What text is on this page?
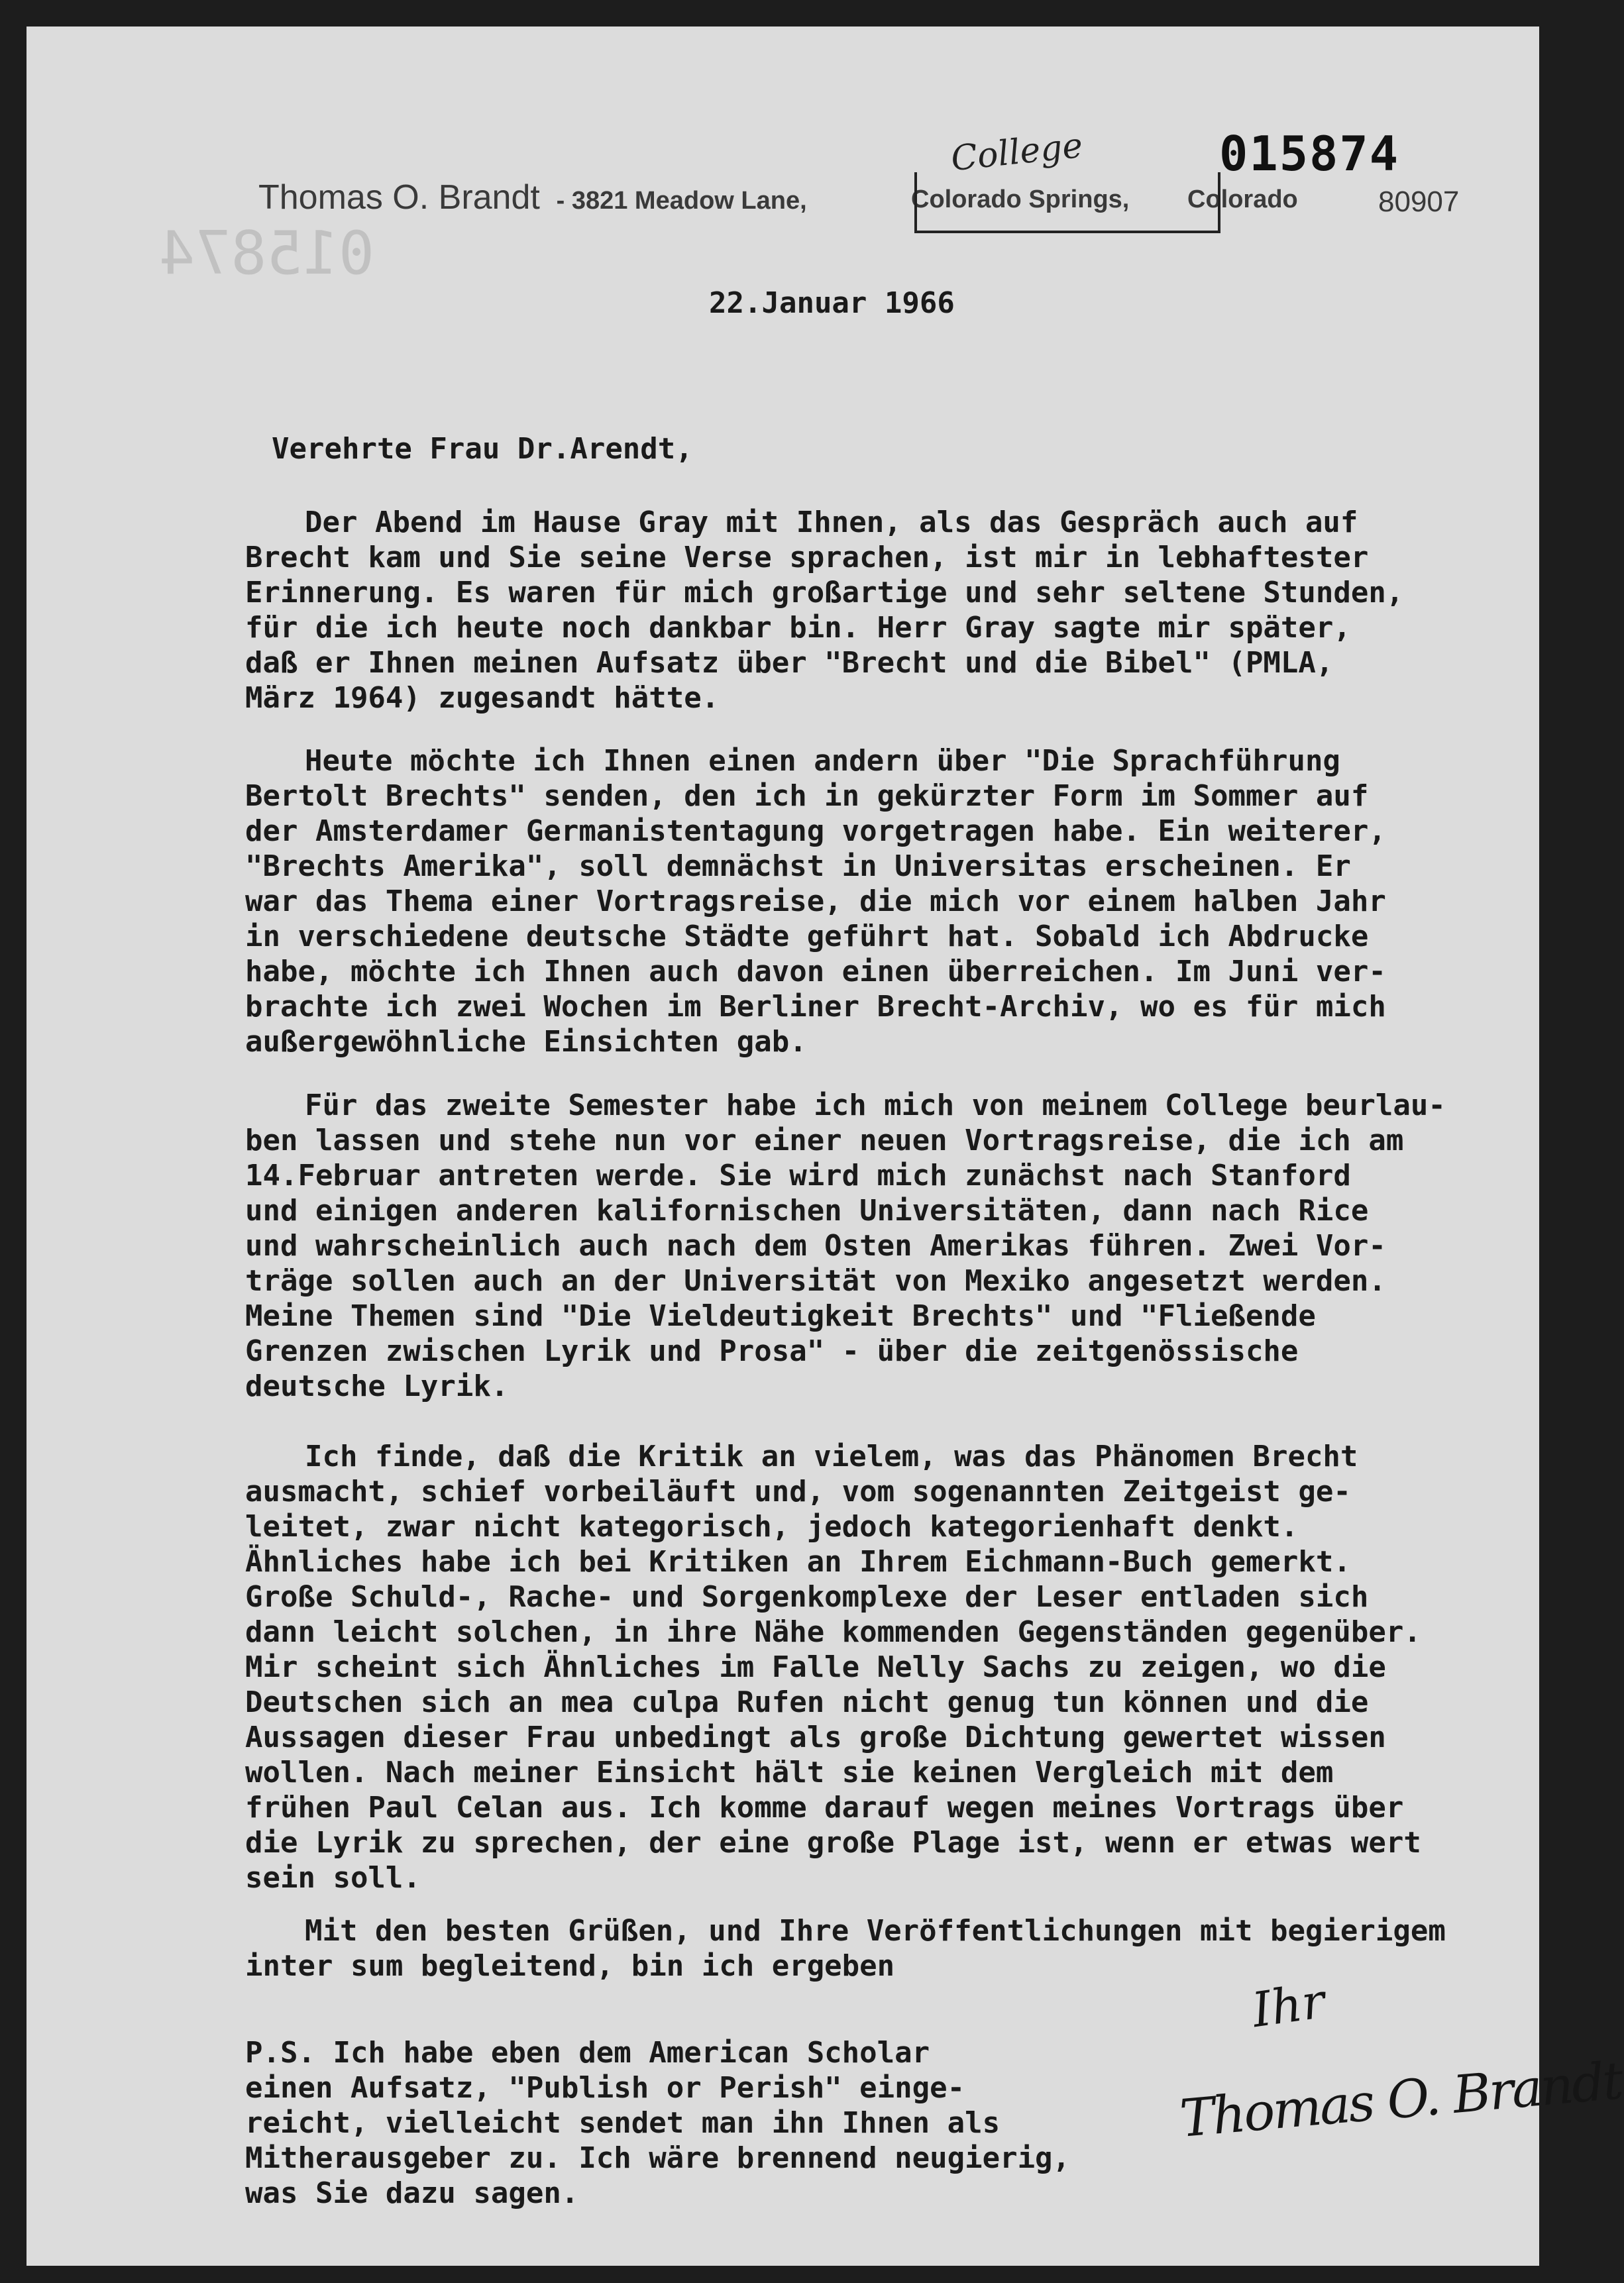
015874
015874
Thomas O. Brandt - 3821 Meadow Lane,	Colorado Springs, Colorado	80907
College
22.Januar 1966
Verehrte Frau Dr.Arendt,
Der Abend im Hause Gray mit Ihnen, als das Gespräch auch auf
Brecht kam und Sie seine Verse sprachen, ist mir in lebhaftester
Erinnerung. Es waren für mich großartige und sehr seltene Stunden,
für die ich heute noch dankbar bin. Herr Gray sagte mir später,
daß er Ihnen meinen Aufsatz über "Brecht und die Bibel" (PMLA,
März 1964) zugesandt hätte.
Heute möchte ich Ihnen einen andern über "Die Sprachführung
Bertolt Brechts" senden, den ich in gekürzter Form im Sommer auf
der Amsterdamer Germanistentagung vorgetragen habe. Ein weiterer,
"Brechts Amerika", soll demnächst in Universitas erscheinen. Er
war das Thema einer Vortragsreise, die mich vor einem halben Jahr
in verschiedene deutsche Städte geführt hat. Sobald ich Abdrucke
habe, möchte ich Ihnen auch davon einen überreichen. Im Juni ver-
brachte ich zwei Wochen im Berliner Brecht-Archiv, wo es für mich
außergewöhnliche Einsichten gab.
Für das zweite Semester habe ich mich von meinem College beurlau-
ben lassen und stehe nun vor einer neuen Vortragsreise, die ich am
14.Februar antreten werde. Sie wird mich zunächst nach Stanford
und einigen anderen kalifornischen Universitäten, dann nach Rice
und wahrscheinlich auch nach dem Osten Amerikas führen. Zwei Vor-
träge sollen auch an der Universität von Mexiko angesetzt werden.
Meine Themen sind "Die Vieldeutigkeit Brechts" und "Fließende
Grenzen zwischen Lyrik und Prosa" - über die zeitgenössische
deutsche Lyrik.
Ich finde, daß die Kritik an vielem, was das Phänomen Brecht
ausmacht, schief vorbeiläuft und, vom sogenannten Zeitgeist ge-
leitet, zwar nicht kategorisch, jedoch kategorienhaft denkt.
Ähnliches habe ich bei Kritiken an Ihrem Eichmann-Buch gemerkt.
Große Schuld-, Rache- und Sorgenkomplexe der Leser entladen sich
dann leicht solchen, in ihre Nähe kommenden Gegenständen gegenüber.
Mir scheint sich Ähnliches im Falle Nelly Sachs zu zeigen, wo die
Deutschen sich an mea culpa Rufen nicht genug tun können und die
Aussagen dieser Frau unbedingt als große Dichtung gewertet wissen
wollen. Nach meiner Einsicht hält sie keinen Vergleich mit dem
frühen Paul Celan aus. Ich komme darauf wegen meines Vortrags über
die Lyrik zu sprechen, der eine große Plage ist, wenn er etwas wert
sein soll.
Mit den besten Grüßen, und Ihre Veröffentlichungen mit begierigem
inter sum begleitend, bin ich ergeben
P.S. Ich habe eben dem American Scholar
einen Aufsatz, "Publish or Perish" einge-
reicht, vielleicht sendet man ihn Ihnen als
Mitherausgeber zu. Ich wäre brennend neugierig,
was Sie dazu sagen.
Ihr
Thomas O. Brandt
